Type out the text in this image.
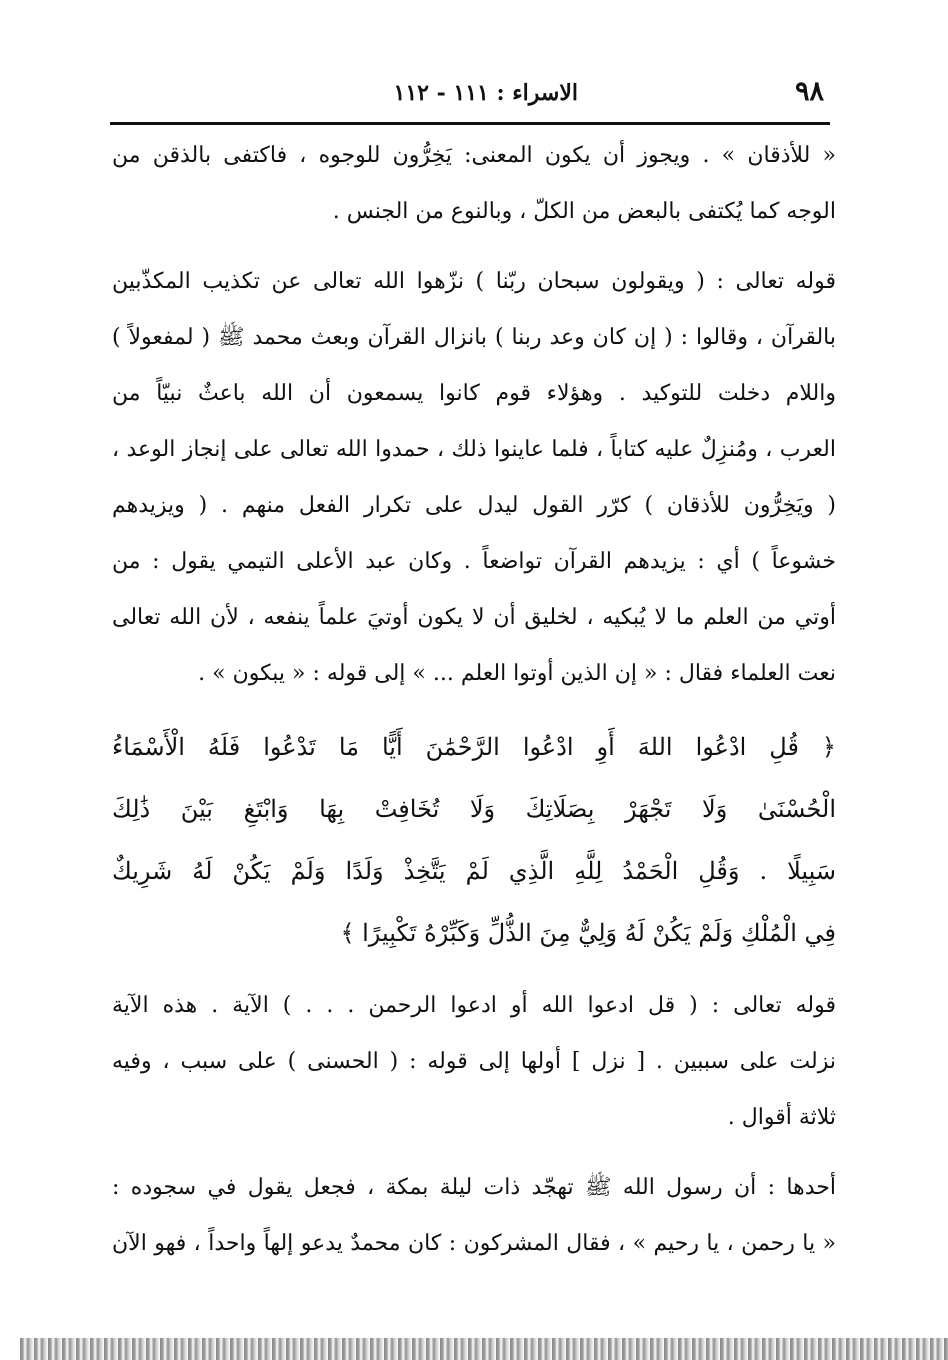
٩٨
الاسراء : ١١١ - ١١٢
« للأذقان » . ويجوز أن يكون المعنى: يَخِرُّون للوجوه ، فاكتفى بالذقن من
الوجه كما يُكتفى بالبعض من الكلّ ، وبالنوع من الجنس .
قوله تعالى : ( ويقولون سبحان ربّنا ) نزّهوا الله تعالى عن تكذيب المكذّبين
بالقرآن ، وقالوا : ( إن كان وعد ربنا ) بانزال القرآن وبعث محمد ﷺ ( لمفعولاً )
واللام دخلت للتوكيد . وهؤلاء قوم كانوا يسمعون أن الله باعثٌ نبيّاً من
العرب ، ومُنزِلٌ عليه كتاباً ، فلما عاينوا ذلك ، حمدوا الله تعالى على إنجاز الوعد ،
( ويَخِرُّون للأذقان ) كرّر القول ليدل على تكرار الفعل منهم . ( ويزيدهم
خشوعاً ) أي : يزيدهم القرآن تواضعاً . وكان عبد الأعلى التيمي يقول : من
أوتي من العلم ما لا يُبكيه ، لخليق أن لا يكون أوتيَ علماً ينفعه ، لأن الله تعالى
نعت العلماء فقال : « إن الذين أوتوا العلم ... » إلى قوله : « يبكون » .
﴿ قُلِ ادْعُوا اللهَ أَوِ ادْعُوا الرَّحْمَٰنَ أَيًّا مَا تَدْعُوا فَلَهُ الْأَسْمَاءُ
الْحُسْنَىٰ وَلَا تَجْهَرْ بِصَلَاتِكَ وَلَا تُخَافِتْ بِهَا وَابْتَغِ بَيْنَ ذَٰلِكَ
سَبِيلًا . وَقُلِ الْحَمْدُ لِلَّهِ الَّذِي لَمْ يَتَّخِذْ وَلَدًا وَلَمْ يَكُنْ لَهُ شَرِيكٌ
فِي الْمُلْكِ وَلَمْ يَكُنْ لَهُ وَلِيٌّ مِنَ الذُّلِّ وَكَبِّرْهُ تَكْبِيرًا ﴾
قوله تعالى : ( قل ادعوا الله أو ادعوا الرحمن . . . ) الآية . هذه الآية
نزلت على سببين . [ نزل ] أولها إلى قوله : ( الحسنى ) على سبب ، وفيه
ثلاثة أقوال .
أحدها : أن رسول الله ﷺ تهجّد ذات ليلة بمكة ، فجعل يقول في سجوده :
« يا رحمن ، يا رحيم » ، فقال المشركون : كان محمدٌ يدعو إلهاً واحداً ، فهو الآن
